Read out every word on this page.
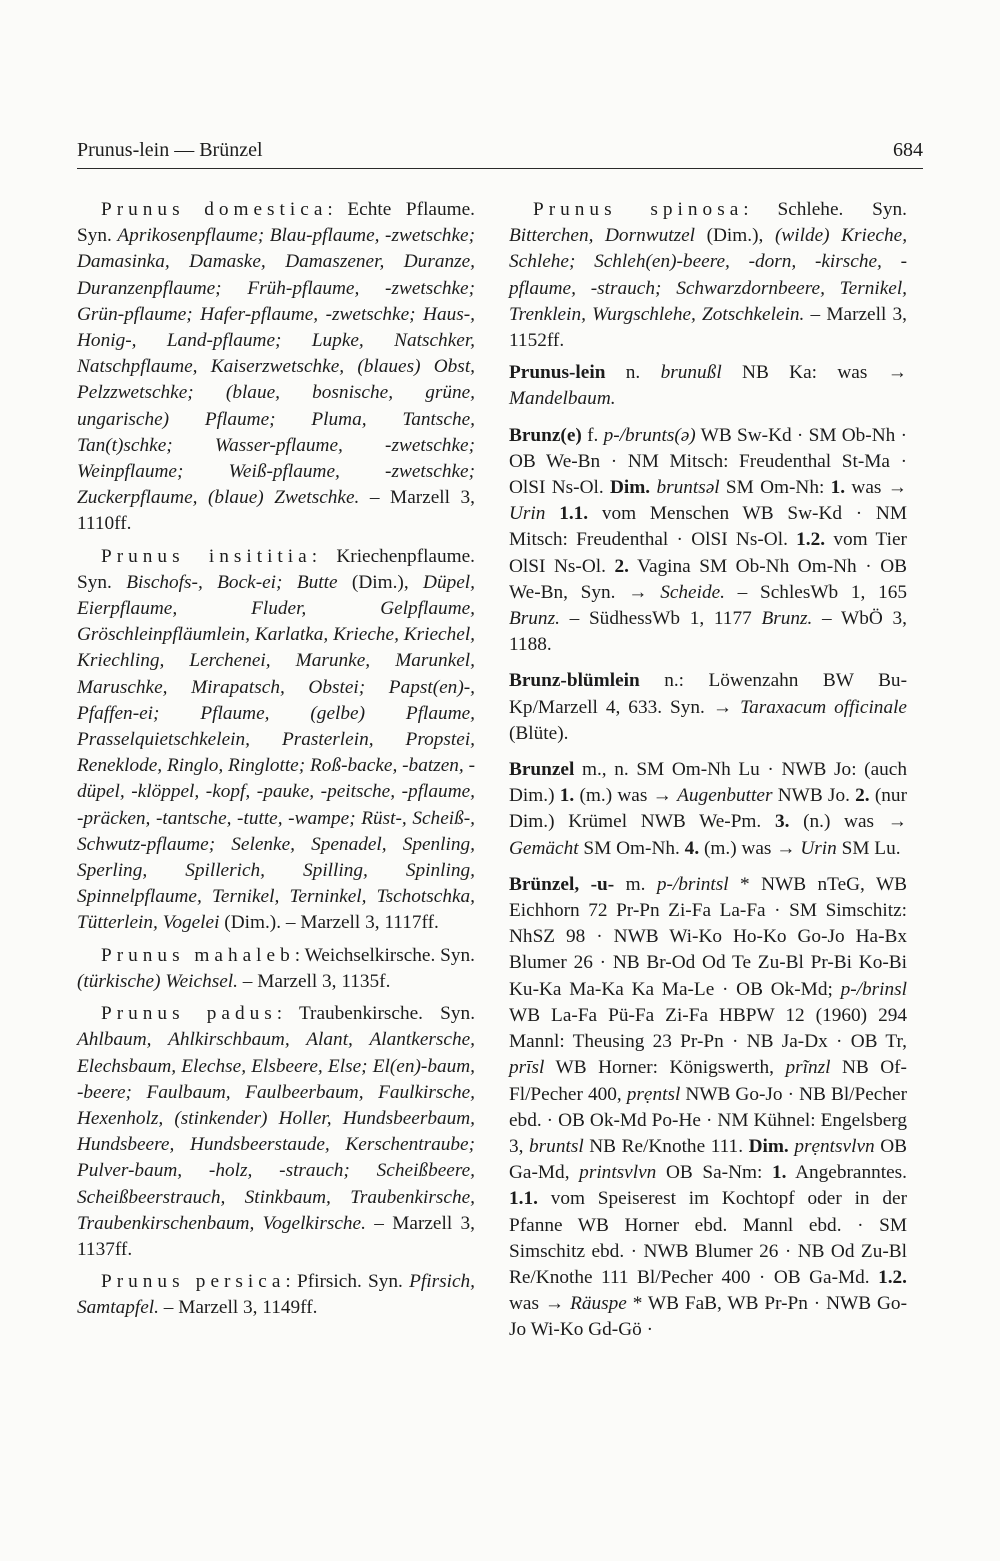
Prunus-lein — Brünzel	684

Prunus domestica: Echte Pflaume. Syn. Aprikosenpflaume; Blau-pflaume, -zwetschke; Damasinka, Damaske, Damaszener, Duranze, Duranzenpflaume; Früh-pflaume, -zwetschke; Grün-pflaume; Hafer-pflaume, -zwetschke; Haus-, Honig-, Land-pflaume; Lupke, Natschker, Natschpflaume, Kaiserzwetschke, (blaues) Obst, Pelzzwetschke; (blaue, bosnische, grüne, ungarische) Pflaume; Pluma, Tantsche, Tan(t)schke; Wasser-pflaume, -zwetschke; Weinpflaume; Weiß-pflaume, -zwetschke; Zuckerpflaume, (blaue) Zwetschke. – Marzell 3, 1110ff.

Prunus insititia: Kriechenpflaume. Syn. Bischofs-, Bock-ei; Butte (Dim.), Düpel, Eierpflaume, Fluder, Gelpflaume, Gröschleinpfläumlein, Karlatka, Krieche, Kriechel, Kriechling, Lerchenei, Marunke, Marunkel, Maruschke, Mirapatsch, Obstei; Papst(en)-, Pfaffen-ei; Pflaume, (gelbe) Pflaume, Prasselquietschkelein, Prasterlein, Propstei, Reneklode, Ringlo, Ringlotte; Roß-backe, -batzen, -düpel, -klöppel, -kopf, -pauke, -peitsche, -pflaume, -präcken, -tantsche, -tutte, -wampe; Rüst-, Scheiß-, Schwutz-pflaume; Selenke, Spenadel, Spenling, Sperling, Spillerich, Spilling, Spinling, Spinnelpflaume, Ternikel, Terninkel, Tschotschka, Tütterlein, Vogelei (Dim.). – Marzell 3, 1117ff.

Prunus mahaleb: Weichselkirsche. Syn. (türkische) Weichsel. – Marzell 3, 1135f.

Prunus padus: Traubenkirsche. Syn. Ahlbaum, Ahlkirschbaum, Alant, Alantkersche, Elechsbaum, Elechse, Elsbeere, Else; El(en)-baum, -beere; Faulbaum, Faulbeerbaum, Faulkirsche, Hexenholz, (stinkender) Holler, Hundsbeerbaum, Hundsbeere, Hundsbeerstaude, Kerschentraube; Pulver-baum, -holz, -strauch; Scheißbeere, Scheißbeerstrauch, Stinkbaum, Traubenkirsche, Traubenkirschenbaum, Vogelkirsche. – Marzell 3, 1137ff.

Prunus persica: Pfirsich. Syn. Pfirsich, Samtapfel. – Marzell 3, 1149ff.

Prunus spinosa: Schlehe. Syn. Bitterchen, Dornwutzel (Dim.), (wilde) Krieche, Schlehe; Schleh(en)-beere, -dorn, -kirsche, -pflaume, -strauch; Schwarzdornbeere, Ternikel, Trenklein, Wurgschlehe, Zotschkelein. – Marzell 3, 1152ff.

Prunus-lein n. brunußl NB Ka: was → Mandelbaum.

Brunz(e) f. p-/brunts(ə) WB Sw-Kd · SM Ob-Nh · OB We-Bn · NM Mitsch: Freudenthal St-Ma · OlSI Ns-Ol. Dim. bruntsəl SM Om-Nh: 1. was → Urin 1.1. vom Menschen WB Sw-Kd · NM Mitsch: Freudenthal · OlSI Ns-Ol. 1.2. vom Tier OlSI Ns-Ol. 2. Vagina SM Ob-Nh Om-Nh · OB We-Bn, Syn. → Scheide. – SchlesWb 1, 165 Brunz. – SüdhessWb 1, 1177 Brunz. – WbÖ 3, 1188.

Brunz-blümlein n.: Löwenzahn BW Bu-Kp/Marzell 4, 633. Syn. → Taraxacum officinale (Blüte).

Brunzel m., n. SM Om-Nh Lu · NWB Jo: (auch Dim.) 1. (m.) was → Augenbutter NWB Jo. 2. (nur Dim.) Krümel NWB We-Pm. 3. (n.) was → Gemächt SM Om-Nh. 4. (m.) was → Urin SM Lu.

Brünzel, -u- m. p-/brintsl * NWB nTeG, WB Eichhorn 72 Pr-Pn Zi-Fa La-Fa · SM Simschitz: NhSZ 98 · NWB Wi-Ko Ho-Ko Go-Jo Ha-Bx Blumer 26 · NB Br-Od Od Te Zu-Bl Pr-Bi Ko-Bi Ku-Ka Ma-Ka Ka Ma-Le · OB Ok-Md; p-/brinsl WB La-Fa Pü-Fa Zi-Fa HBPW 12 (1960) 294 Mannl: Theusing 23 Pr-Pn · NB Ja-Dx · OB Tr, prīsl WB Horner: Königswerth, prĩnzl NB Of-Fl/Pecher 400, prẹntsl NWB Go-Jo · NB Bl/Pecher ebd. · OB Ok-Md Po-He · NM Kühnel: Engelsberg 3, bruntsl NB Re/Knothe 111. Dim. prẹntsvlvn OB Ga-Md, printsvlvn OB Sa-Nm: 1. Angebranntes. 1.1. vom Speiserest im Kochtopf oder in der Pfanne WB Horner ebd. Mannl ebd. · SM Simschitz ebd. · NWB Blumer 26 · NB Od Zu-Bl Re/Knothe 111 Bl/Pecher 400 · OB Ga-Md. 1.2. was → Räuspe * WB FaB, WB Pr-Pn · NWB Go-Jo Wi-Ko Gd-Gö ·
